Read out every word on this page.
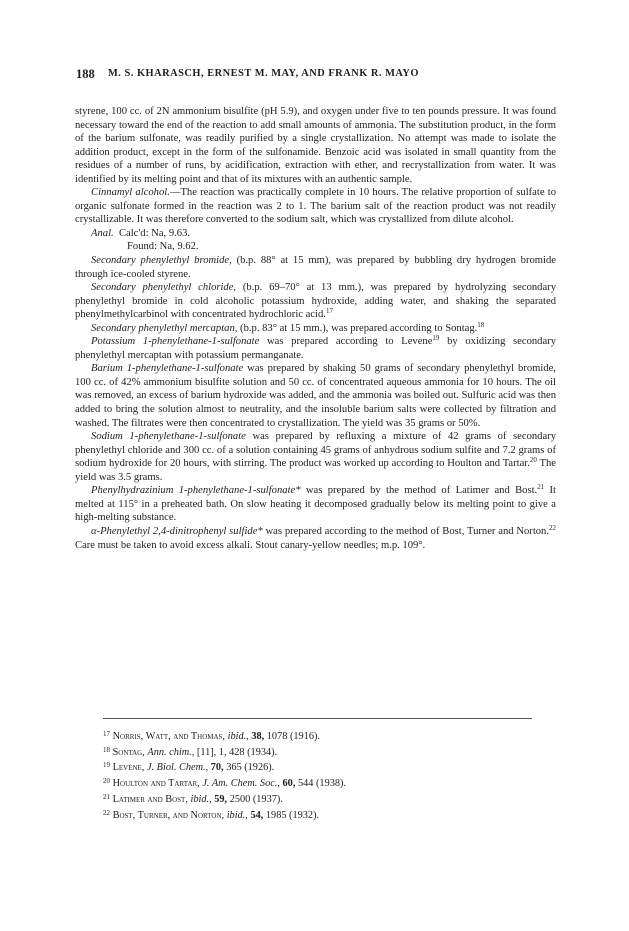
188 M. S. KHARASCH, ERNEST M. MAY, AND FRANK R. MAYO

styrene, 100 cc. of 2N ammonium bisulfite (pH 5.9), and oxygen under five to ten pounds pressure. It was found necessary toward the end of the reaction to add small amounts of ammonia. The substitution product, in the form of the barium sulfonate, was readily purified by a single crystallization. No attempt was made to isolate the addition product, except in the form of the sulfonamide. Benzoic acid was isolated in small quantity from the residues of a number of runs, by acidification, extraction with ether, and recrystallization from water. It was identified by its melting point and that of its mixtures with an authentic sample.

Cinnamyl alcohol.—The reaction was practically complete in 10 hours. The relative proportion of sulfate to organic sulfonate formed in the reaction was 2 to 1. The barium salt of the reaction product was not readily crystallizable. It was therefore converted to the sodium salt, which was crystallized from dilute alcohol.

Anal. Calc'd: Na, 9.63.

Found: Na, 9.62.

Secondary phenylethyl bromide, (b.p. 88° at 15 mm), was prepared by bubbling dry hydrogen bromide through ice-cooled styrene.

Secondary phenylethyl chloride, (b.p. 69–70° at 13 mm.), was prepared by hydrolyzing secondary phenylethyl bromide in cold alcoholic potassium hydroxide, adding water, and shaking the separated phenylmethylcarbinol with concentrated hydrochloric acid.$^{17}$

Secondary phenylethyl mercaptan, (b.p. 83° at 15 mm.), was prepared according to Sontag.$^{18}$

Potassium 1-phenylethane-1-sulfonate was prepared according to Levene$^{19}$ by oxidizing secondary phenylethyl mercaptan with potassium permanganate.

Barium 1-phenylethane-1-sulfonate was prepared by shaking 50 grams of secondary phenylethyl bromide, 100 cc. of 42% ammonium bisulfite solution and 50 cc. of concentrated aqueous ammonia for 10 hours. The oil was removed, an excess of barium hydroxide was added, and the ammonia was boiled out. Sulfuric acid was then added to bring the solution almost to neutrality, and the insoluble barium salts were collected by filtration and washed. The filtrates were then concentrated to crystallization. The yield was 35 grams or 50%.

Sodium 1-phenylethane-1-sulfonate was prepared by refluxing a mixture of 42 grams of secondary phenylethyl chloride and 300 cc. of a solution containing 45 grams of anhydrous sodium sulfite and 7.2 grams of sodium hydroxide for 20 hours, with stirring. The product was worked up according to Houlton and Tartar.$^{20}$ The yield was 3.5 grams.

Phenylhydrazinium 1-phenylethane-1-sulfonate* was prepared by the method of Latimer and Bost.$^{21}$ It melted at 115° in a preheated bath. On slow heating it decomposed gradually below its melting point to give a high-melting substance.

α-Phenylethyl 2,4-dinitrophenyl sulfide* was prepared according to the method of Bost, Turner and Norton.$^{22}$ Care must be taken to avoid excess alkali. Stout canary-yellow needles; m.p. 109°.

$^{17}$ Norris, Watt, and Thomas, ibid., 38, 1078 (1916).
$^{18}$ Sontag, Ann. chim., [11], 1, 428 (1934).
$^{19}$ Levene, J. Biol. Chem., 70, 365 (1926).
$^{20}$ Houlton and Tartar, J. Am. Chem. Soc., 60, 544 (1938).
$^{21}$ Latimer and Bost, ibid., 59, 2500 (1937).
$^{22}$ Bost, Turner, and Norton, ibid., 54, 1985 (1932).
